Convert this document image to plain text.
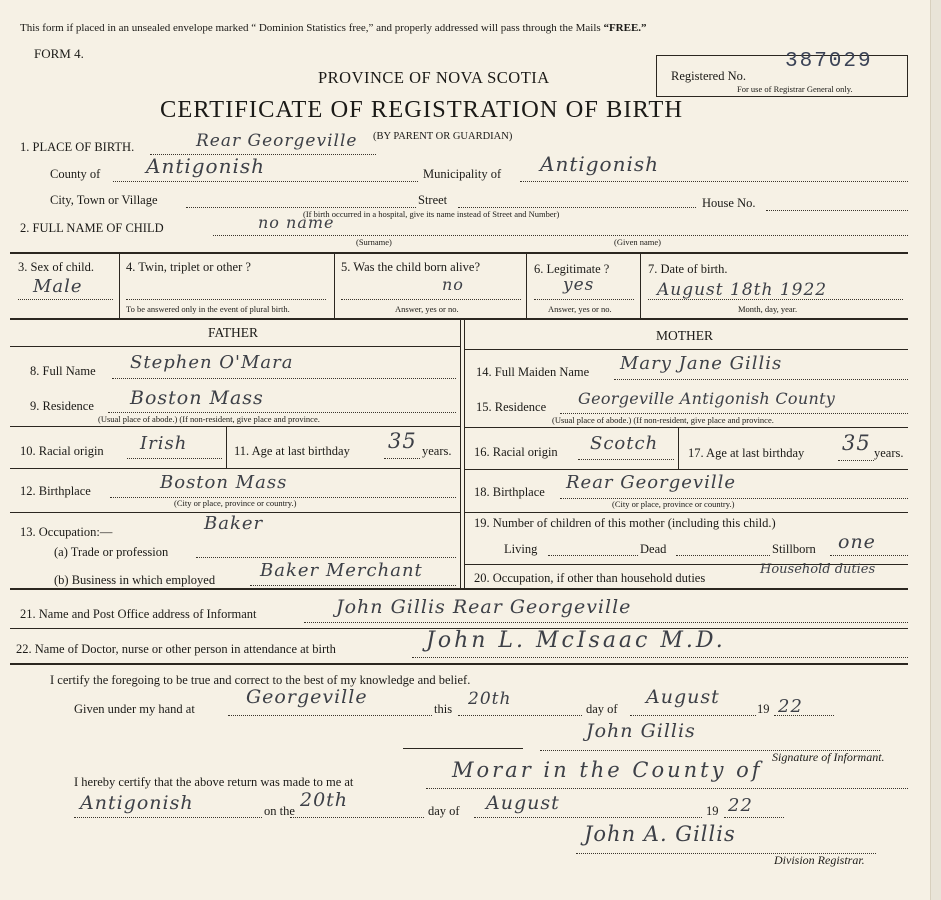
This form if placed in an unsealed envelope marked “ Dominion Statistics free,” and properly addressed will pass through the Mails “FREE.”
FORM 4.
Registered No.
387029
For use of Registrar General only.
PROVINCE OF NOVA SCOTIA
CERTIFICATE OF REGISTRATION OF BIRTH
1. PLACE OF BIRTH.	Rear Georgeville (BY PARENT OR GUARDIAN)
County of Antigonish	Municipality of Antigonish
City, Town or Village	Street
(If birth occurred in a hospital, give its name instead of Street and Number)
House No.
2. FULL NAME OF CHILD	no name
(Surname)	(Given name)
3. Sex of child.
Male
4. Twin, triplet or other ?
To be answered only in the event of plural birth.
5. Was the child born alive?
no
Answer, yes or no.
6. Legitimate ?
yes
Answer, yes or no.
7. Date of birth.
August 18th 1922
Month, day, year.
FATHER	MOTHER
8. Full Name Stephen O'Mara
9. Residence Boston Mass
(Usual place of abode.) (If non-resident, give place and province.
10. Racial origin Irish	11. Age at last birthday 35 years.
12. Birthplace	Boston Mass
(City or place, province or country.)
13. Occupation:—	Baker
(a) Trade or profession
(b) Business in which employed Baker Merchant
14. Full Maiden Name Mary Jane Gillis
15. Residence Georgeville Antigonish County
(Usual place of abode.) (If non-resident, give place and province.
16. Racial origin Scotch 17. Age at last birthday 35 years.
18. Birthplace Rear Georgeville
(City or place, province or country.)
19. Number of children of this mother (including this child.)
Living	Dead	Stillborn one
20. Occupation, if other than household duties
Household duties
21. Name and Post Office address of Informant	John Gillis Rear Georgeville
22. Name of Doctor, nurse or other person in attendance at birth	John L. McIsaac M.D.
I certify the foregoing to be true and correct to the best of my knowledge and belief.
Given under my hand at
Georgeville
this 20th	day of
August
19 22
John Gillis
Signature of Informant.
I hereby certify that the above return was made to me at	Morar in the County of
Antigonish	on the 20th	day of August	19 22
John A. Gillis
Division Registrar.
